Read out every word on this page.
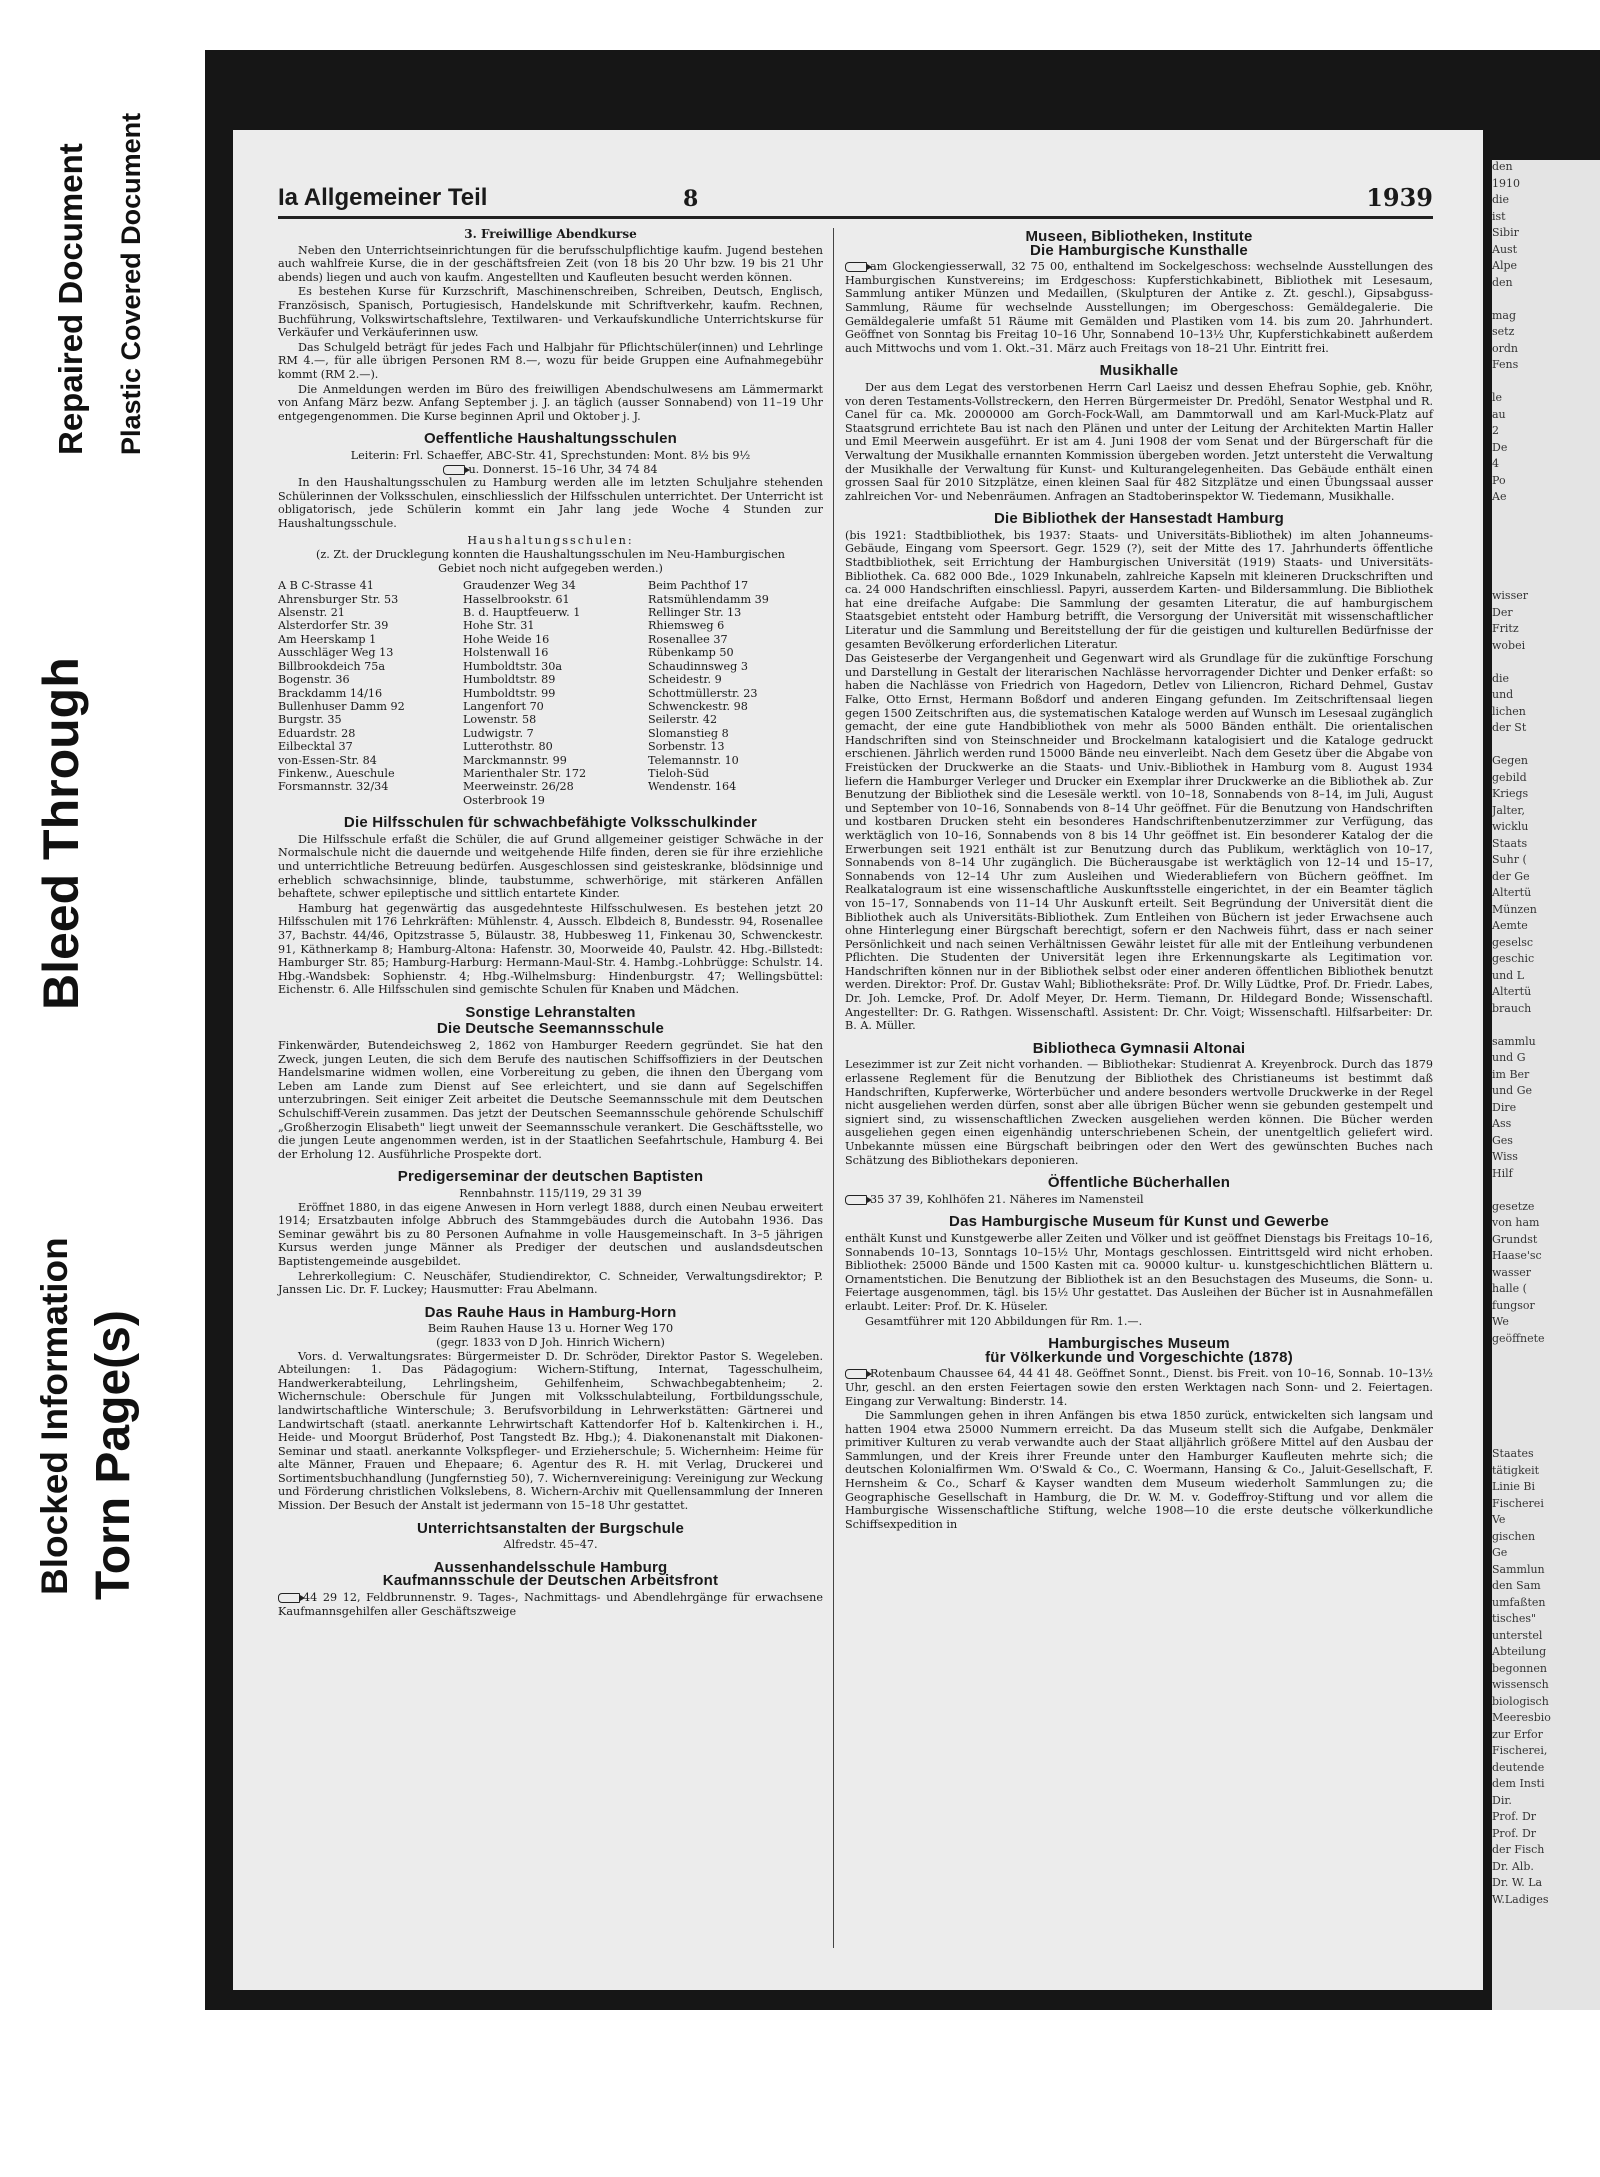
Repaired Document Plastic Covered Document
Bleed Through
Blocked Information Torn Page(s)
den
1910
die
ist
Sibir
Aust
Alpe
den
mag
setz
ordn
Fens
le
au
2
De
4
Po
Ae
wisser
Der
Fritz
wobei
die
und
lichen
der St
Gegen
gebild
Kriegs
Jalter,
wicklu
Staats
Suhr (
der Ge
Altertü
Münzen
Aemte
geselsc
geschic
und L
Altertü
brauch
sammlu
und G
im Ber
und Ge
Dire
Ass
Ges
Wiss
Hilf
gesetze
von ham
Grundst
Haase'sc
wasser
halle (
fungsor
We
geöffnete
Staates
tätigkeit
Linie Bi
Fischerei
Ve
gischen
Ge
Sammlun
den Sam
umfaßten
tisches"
unterstel
Abteilung
begonnen
wissensch
biologisch
Meeresbio
zur Erfor
Fischerei,
deutende
dem Insti
Dir.
Prof. Dr
Prof. Dr
der Fisch
Dr. Alb.
Dr. W. La
W.Ladiges
Ia Allgemeiner Teil	8	1939
3. Freiwillige Abendkurse

Neben den Unterrichtseinrichtungen für die berufsschulpflichtige kaufm. Jugend bestehen auch wahlfreie Kurse, die in der geschäftsfreien Zeit (von 18 bis 20 Uhr bzw. 19 bis 21 Uhr abends) liegen und auch von kaufm. Angestellten und Kaufleuten besucht werden können.

Es bestehen Kurse für Kurzschrift, Maschinenschreiben, Schreiben, Deutsch, Englisch, Französisch, Spanisch, Portugiesisch, Handelskunde mit Schriftverkehr, kaufm. Rechnen, Buchführung, Volkswirtschaftslehre, Textilwaren- und Verkaufskundliche Unterrichtskurse für Verkäufer und Verkäuferinnen usw.

Das Schulgeld beträgt für jedes Fach und Halbjahr für Pflichtschüler(innen) und Lehrlinge RM 4.—, für alle übrigen Personen RM 8.—, wozu für beide Gruppen eine Aufnahmegebühr kommt (RM 2.—).

Die Anmeldungen werden im Büro des freiwilligen Abendschulwesens am Lämmermarkt von Anfang März bezw. Anfang September j. J. an täglich (ausser Sonnabend) von 11–19 Uhr entgegengenommen. Die Kurse beginnen April und Oktober j. J.

Oeffentliche Haushaltungsschulen
Leiterin: Frl. Schaeffer, ABC-Str. 41, Sprechstunden: Mont. 8½ bis 9½
u. Donnerst. 15–16 Uhr, 34 74 84

In den Haushaltungsschulen zu Hamburg werden alle im letzten Schuljahre stehenden Schülerinnen der Volksschulen, einschliesslich der Hilfsschulen unterrichtet. Der Unterricht ist obligatorisch, jede Schülerin kommt ein Jahr lang jede Woche 4 Stunden zur Haushaltungsschule.

Haushaltungsschulen:
(z. Zt. der Drucklegung konnten die Haushaltungsschulen im Neu-Hamburgischen
Gebiet noch nicht aufgegeben werden.)
A B C-Strasse 41
Ahrensburger Str. 53
Alsenstr. 21
Alsterdorfer Str. 39
Am Heerskamp 1
Ausschläger Weg 13
Billbrookdeich 75a
Bogenstr. 36
Brackdamm 14/16
Bullenhuser Damm 92
Burgstr. 35
Eduardstr. 28
Eilbecktal 37
von-Essen-Str. 84
Finkenw., Aueschule
Forsmannstr. 32/34
Graudenzer Weg 34
Hasselbrookstr. 61
B. d. Hauptfeuerw. 1
Hohe Str. 31
Hohe Weide 16
Holstenwall 16
Humboldtstr. 30a
Humboldtstr. 89
Humboldtstr. 99
Langenfort 70
Lowenstr. 58
Ludwigstr. 7
Lutterothstr. 80
Marckmannstr. 99
Marienthaler Str. 172
Meerweinstr. 26/28
Osterbrook 19
Beim Pachthof 17
Ratsmühlendamm 39
Rellinger Str. 13
Rhiemsweg 6
Rosenallee 37
Rübenkamp 50
Schaudinnsweg 3
Scheidestr. 9
Schottmüllerstr. 23
Schwenckestr. 98
Seilerstr. 42
Slomanstieg 8
Sorbenstr. 13
Telemannstr. 10
Tieloh-Süd
Wendenstr. 164
Die Hilfsschulen für schwachbefähigte Volksschulkinder

Die Hilfsschule erfaßt die Schüler, die auf Grund allgemeiner geistiger Schwäche in der Normalschule nicht die dauernde und weitgehende Hilfe finden, deren sie für ihre erziehliche und unterrichtliche Betreuung bedürfen. Ausgeschlossen sind geisteskranke, blödsinnige und erheblich schwachsinnige, blinde, taubstumme, schwerhörige, mit stärkeren Anfällen behaftete, schwer epileptische und sittlich entartete Kinder.

Hamburg hat gegenwärtig das ausgedehnteste Hilfsschulwesen. Es bestehen jetzt 20 Hilfsschulen mit 176 Lehrkräften: Mühlenstr. 4, Aussch. Elbdeich 8, Bundesstr. 94, Rosenallee 37, Bachstr. 44/46, Opitzstrasse 5, Bülaustr. 38, Hubbesweg 11, Finkenau 30, Schwenckestr. 91, Käthnerkamp 8; Hamburg-Altona: Hafenstr. 30, Moorweide 40, Paulstr. 42. Hbg.-Billstedt: Hamburger Str. 85; Hamburg-Harburg: Hermann-Maul-Str. 4. Hambg.-Lohbrügge: Schulstr. 14. Hbg.-Wandsbek: Sophienstr. 4; Hbg.-Wilhelmsburg: Hindenburgstr. 47; Wellingsbüttel: Eichenstr. 6. Alle Hilfsschulen sind gemischte Schulen für Knaben und Mädchen.

Sonstige Lehranstalten
Die Deutsche Seemannsschule

Finkenwärder, Butendeichsweg 2, 1862 von Hamburger Reedern gegründet. Sie hat den Zweck, jungen Leuten, die sich dem Berufe des nautischen Schiffsoffiziers in der Deutschen Handelsmarine widmen wollen, eine Vorbereitung zu geben, die ihnen den Übergang vom Leben am Lande zum Dienst auf See erleichtert, und sie dann auf Segelschiffen unterzubringen. Seit einiger Zeit arbeitet die Deutsche Seemannsschule mit dem Deutschen Schulschiff-Verein zusammen. Das jetzt der Deutschen Seemannsschule gehörende Schulschiff „Großherzogin Elisabeth" liegt unweit der Seemannsschule verankert. Die Geschäftsstelle, wo die jungen Leute angenommen werden, ist in der Staatlichen Seefahrtschule, Hamburg 4. Bei der Erholung 12. Ausführliche Prospekte dort.

Predigerseminar der deutschen Baptisten
Rennbahnstr. 115/119, 29 31 39

Eröffnet 1880, in das eigene Anwesen in Horn verlegt 1888, durch einen Neubau erweitert 1914; Ersatzbauten infolge Abbruch des Stammgebäudes durch die Autobahn 1936. Das Seminar gewährt bis zu 80 Personen Aufnahme in volle Hausgemeinschaft. In 3–5 jährigen Kursus werden junge Männer als Prediger der deutschen und auslandsdeutschen Baptistengemeinde ausgebildet.

Lehrerkollegium: C. Neuschäfer, Studiendirektor, C. Schneider, Verwaltungsdirektor; P. Janssen Lic. Dr. F. Luckey; Hausmutter: Frau Abelmann.

Das Rauhe Haus in Hamburg-Horn
Beim Rauhen Hause 13 u. Horner Weg 170
(gegr. 1833 von D Joh. Hinrich Wichern)

Vors. d. Verwaltungsrates: Bürgermeister D. Dr. Schröder, Direktor Pastor S. Wegeleben. Abteilungen: 1. Das Pädagogium: Wichern-Stiftung, Internat, Tagesschulheim, Handwerkerabteilung, Lehrlingsheim, Gehilfenheim, Schwachbegabtenheim; 2. Wichernschule: Oberschule für Jungen mit Volksschulabteilung, Fortbildungsschule, landwirtschaftliche Winterschule; 3. Berufsvorbildung in Lehrwerkstätten: Gärtnerei und Landwirtschaft (staatl. anerkannte Lehrwirtschaft Kattendorfer Hof b. Kaltenkirchen i. H., Heide- und Moorgut Brüderhof, Post Tangstedt Bz. Hbg.); 4. Diakonenanstalt mit Diakonen-Seminar und staatl. anerkannte Volkspfleger- und Erzieherschule; 5. Wichernheim: Heime für alte Männer, Frauen und Ehepaare; 6. Agentur des R. H. mit Verlag, Druckerei und Sortimentsbuchhandlung (Jungfernstieg 50), 7. Wichernvereinigung: Vereinigung zur Weckung und Förderung christlichen Volkslebens, 8. Wichern-Archiv mit Quellensammlung der Inneren Mission. Der Besuch der Anstalt ist jedermann von 15–18 Uhr gestattet.

Unterrichtsanstalten der Burgschule
Alfredstr. 45–47.
Aussenhandelsschule Hamburg
Kaufmannsschule der Deutschen Arbeitsfront

44 29 12, Feldbrunnenstr. 9. Tages-, Nachmittags- und Abendlehrgänge für erwachsene Kaufmannsgehilfen aller Geschäftszweige

Museen, Bibliotheken, Institute
Die Hamburgische Kunsthalle

am Glockengiesserwall, 32 75 00, enthaltend im Sockelgeschoss: wechselnde Ausstellungen des Hamburgischen Kunstvereins; im Erdgeschoss: Kupferstichkabinett, Bibliothek mit Lesesaum, Sammlung antiker Münzen und Medaillen, (Skulpturen der Antike z. Zt. geschl.), Gipsabguss-Sammlung, Räume für wechselnde Ausstellungen; im Obergeschoss: Gemäldegalerie. Die Gemäldegalerie umfaßt 51 Räume mit Gemälden und Plastiken vom 14. bis zum 20. Jahrhundert. Geöffnet von Sonntag bis Freitag 10–16 Uhr, Sonnabend 10–13½ Uhr, Kupferstichkabinett außerdem auch Mittwochs und vom 1. Okt.–31. März auch Freitags von 18–21 Uhr. Eintritt frei.

Musikhalle

Der aus dem Legat des verstorbenen Herrn Carl Laeisz und dessen Ehefrau Sophie, geb. Knöhr, von deren Testaments-Vollstreckern, den Herren Bürgermeister Dr. Predöhl, Senator Westphal und R. Canel für ca. Mk. 2000000 am Gorch-Fock-Wall, am Dammtorwall und am Karl-Muck-Platz auf Staatsgrund errichtete Bau ist nach den Plänen und unter der Leitung der Architekten Martin Haller und Emil Meerwein ausgeführt. Er ist am 4. Juni 1908 der vom Senat und der Bürgerschaft für die Verwaltung der Musikhalle ernannten Kommission übergeben worden. Jetzt untersteht die Verwaltung der Musikhalle der Verwaltung für Kunst- und Kulturangelegenheiten. Das Gebäude enthält einen grossen Saal für 2010 Sitzplätze, einen kleinen Saal für 482 Sitzplätze und einen Übungssaal ausser zahlreichen Vor- und Nebenräumen. Anfragen an Stadtoberinspektor W. Tiedemann, Musikhalle.

Die Bibliothek der Hansestadt Hamburg

(bis 1921: Stadtbibliothek, bis 1937: Staats- und Universitäts-Bibliothek) im alten Johanneums-Gebäude, Eingang vom Speersort. Gegr. 1529 (?), seit der Mitte des 17. Jahrhunderts öffentliche Stadtbibliothek, seit Errichtung der Hamburgischen Universität (1919) Staats- und Universitäts-Bibliothek. Ca. 682 000 Bde., 1029 Inkunabeln, zahlreiche Kapseln mit kleineren Druckschriften und ca. 24 000 Handschriften einschliessl. Papyri, ausserdem Karten- und Bildersammlung. Die Bibliothek hat eine dreifache Aufgabe: Die Sammlung der gesamten Literatur, die auf hamburgischem Staatsgebiet entsteht oder Hamburg betrifft, die Versorgung der Universität mit wissenschaftlicher Literatur und die Sammlung und Bereitstellung der für die geistigen und kulturellen Bedürfnisse der gesamten Bevölkerung erforderlichen Literatur.

Das Geisteserbe der Vergangenheit und Gegenwart wird als Grundlage für die zukünftige Forschung und Darstellung in Gestalt der literarischen Nachlässe hervorragender Dichter und Denker erfaßt: so haben die Nachlässe von Friedrich von Hagedorn, Detlev von Liliencron, Richard Dehmel, Gustav Falke, Otto Ernst, Hermann Boßdorf und anderen Eingang gefunden. Im Zeitschriftensaal liegen gegen 1500 Zeitschriften aus, die systematischen Kataloge werden auf Wunsch im Lesesaal zugänglich gemacht, der eine gute Handbibliothek von mehr als 5000 Bänden enthält. Die orientalischen Handschriften sind von Steinschneider und Brockelmann katalogisiert und die Kataloge gedruckt erschienen. Jährlich werden rund 15000 Bände neu einverleibt. Nach dem Gesetz über die Abgabe von Freistücken der Druckwerke an die Staats- und Univ.-Bibliothek in Hamburg vom 8. August 1934 liefern die Hamburger Verleger und Drucker ein Exemplar ihrer Druckwerke an die Bibliothek ab. Zur Benutzung der Bibliothek sind die Lesesäle werktl. von 10–18, Sonnabends von 8–14, im Juli, August und September von 10–16, Sonnabends von 8–14 Uhr geöffnet. Für die Benutzung von Handschriften und kostbaren Drucken steht ein besonderes Handschriftenbenutzerzimmer zur Verfügung, das werktäglich von 10–16, Sonnabends von 8 bis 14 Uhr geöffnet ist. Ein besonderer Katalog der die Erwerbungen seit 1921 enthält ist zur Benutzung durch das Publikum, werktäglich von 10–17, Sonnabends von 8–14 Uhr zugänglich. Die Bücherausgabe ist werktäglich von 12–14 und 15–17, Sonnabends von 12–14 Uhr zum Ausleihen und Wiederabliefern von Büchern geöffnet. Im Realkatalograum ist eine wissenschaftliche Auskunftsstelle eingerichtet, in der ein Beamter täglich von 15–17, Sonnabends von 11–14 Uhr Auskunft erteilt. Seit Begründung der Universität dient die Bibliothek auch als Universitäts-Bibliothek. Zum Entleihen von Büchern ist jeder Erwachsene auch ohne Hinterlegung einer Bürgschaft berechtigt, sofern er den Nachweis führt, dass er nach seiner Persönlichkeit und nach seinen Verhältnissen Gewähr leistet für alle mit der Entleihung verbundenen Pflichten. Die Studenten der Universität legen ihre Erkennungskarte als Legitimation vor. Handschriften können nur in der Bibliothek selbst oder einer anderen öffentlichen Bibliothek benutzt werden. Direktor: Prof. Dr. Gustav Wahl; Bibliotheksräte: Prof. Dr. Willy Lüdtke, Prof. Dr. Friedr. Labes, Dr. Joh. Lemcke, Prof. Dr. Adolf Meyer, Dr. Herm. Tiemann, Dr. Hildegard Bonde; Wissenschaftl. Angestellter: Dr. G. Rathgen. Wissenschaftl. Assistent: Dr. Chr. Voigt; Wissenschaftl. Hilfsarbeiter: Dr. B. A. Müller.

Bibliotheca Gymnasii Altonai

Lesezimmer ist zur Zeit nicht vorhanden. — Bibliothekar: Studienrat A. Kreyenbrock. Durch das 1879 erlassene Reglement für die Benutzung der Bibliothek des Christianeums ist bestimmt daß Handschriften, Kupferwerke, Wörterbücher und andere besonders wertvolle Druckwerke in der Regel nicht ausgeliehen werden dürfen, sonst aber alle übrigen Bücher wenn sie gebunden gestempelt und signiert sind, zu wissenschaftlichen Zwecken ausgeliehen werden können. Die Bücher werden ausgeliehen gegen einen eigenhändig unterschriebenen Schein, der unentgeltlich geliefert wird. Unbekannte müssen eine Bürgschaft beibringen oder den Wert des gewünschten Buches nach Schätzung des Bibliothekars deponieren.

Öffentliche Bücherhallen

35 37 39, Kohlhöfen 21. Näheres im Namensteil

Das Hamburgische Museum für Kunst und Gewerbe

enthält Kunst und Kunstgewerbe aller Zeiten und Völker und ist geöffnet Dienstags bis Freitags 10–16, Sonnabends 10–13, Sonntags 10–15½ Uhr, Montags geschlossen. Eintrittsgeld wird nicht erhoben. Bibliothek: 25000 Bände und 1500 Kasten mit ca. 90000 kultur- u. kunstgeschichtlichen Blättern u. Ornamentstichen. Die Benutzung der Bibliothek ist an den Besuchstagen des Museums, die Sonn- u. Feiertage ausgenommen, tägl. bis 15½ Uhr gestattet. Das Ausleihen der Bücher ist in Ausnahmefällen erlaubt. Leiter: Prof. Dr. K. Hüseler.

Gesamtführer mit 120 Abbildungen für Rm. 1.—.

Hamburgisches Museum
für Völkerkunde und Vorgeschichte (1878)

Rotenbaum Chaussee 64, 44 41 48. Geöffnet Sonnt., Dienst. bis Freit. von 10–16, Sonnab. 10–13½ Uhr, geschl. an den ersten Feiertagen sowie den ersten Werktagen nach Sonn- und 2. Feiertagen. Eingang zur Verwaltung: Binderstr. 14.

Die Sammlungen gehen in ihren Anfängen bis etwa 1850 zurück, entwickelten sich langsam und hatten 1904 etwa 25000 Nummern erreicht. Da das Museum stellt sich die Aufgabe, Denkmäler primitiver Kulturen zu verab verwandte auch der Staat alljährlich größere Mittel auf den Ausbau der Sammlungen, und der Kreis ihrer Freunde unter den Hamburger Kaufleuten mehrte sich; die deutschen Kolonialfirmen Wm. O'Swald & Co., C. Woermann, Hansing & Co., Jaluit-Gesellschaft, F. Hernsheim & Co., Scharf & Kayser wandten dem Museum wiederholt Sammlungen zu; die Geographische Gesellschaft in Hamburg, die Dr. W. M. v. Godeffroy-Stiftung und vor allem die Hamburgische Wissenschaftliche Stiftung, welche 1908—10 die erste deutsche völkerkundliche Schiffsexpedition in
